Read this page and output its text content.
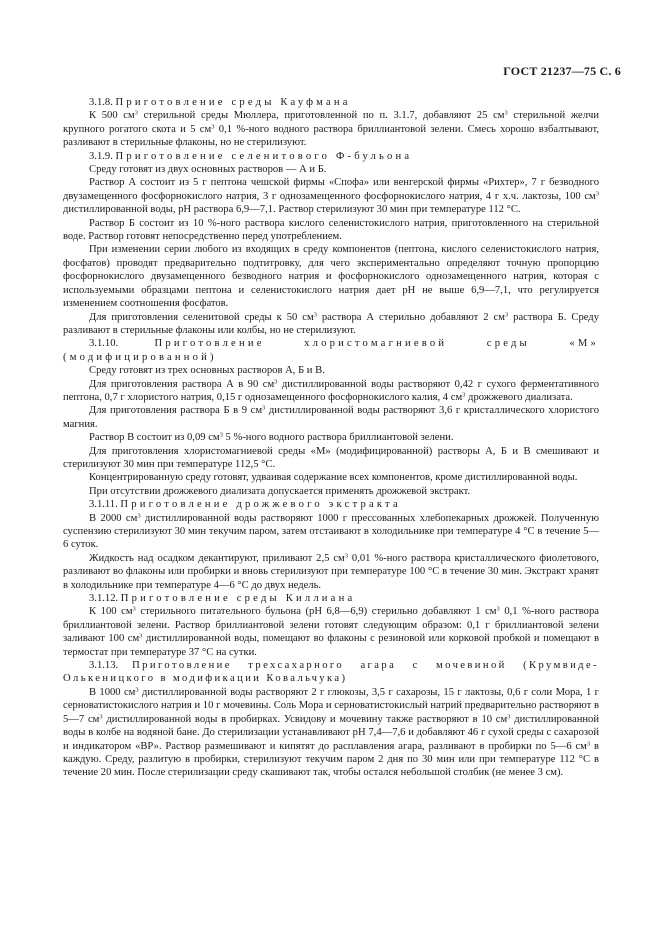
ГОСТ 21237—75 С. 6

3.1.8. Приготовление среды Кауфмана

К 500 $см^3$ стерильной среды Мюллера, приготовленной по п. 3.1.7, добавляют 25 $см^3$ стерильной желчи крупного рогатого скота и 5 $см^3$ 0,1 %-ного водного раствора бриллиантовой зелени. Смесь хорошо взбалтывают, разливают в стерильные флаконы, но не стерилизуют.

3.1.9. Приготовление селенитового Ф-бульона

Среду готовят из двух основных растворов — А и Б.

Раствор А состоит из 5 г пептона чешской фирмы «Спофа» или венгерской фирмы «Рихтер», 7 г безводного двузамещенного фосфорнокислого натрия, 3 г однозамещенного фосфорнокислого натрия, 4 г х.ч. лактозы, 100 $см^3$ дистиллированной воды, pH раствора 6,9—7,1. Раствор стерилизуют 30 мин при температуре 112 °С.

Раствор Б состоит из 10 %-ного раствора кислого селенистокислого натрия, приготовленного на стерильной воде. Раствор готовят непосредственно перед употреблением.

При изменении серии любого из входящих в среду компонентов (пептона, кислого селенистокислого натрия, фосфатов) проводят предварительно подтитровку, для чего экспериментально определяют точную пропорцию фосфорнокислого двузамещенного безводного натрия и фосфорнокислого однозамещенного натрия, которая с используемыми образцами пептона и селенистокислого натрия дает pH не выше 6,9—7,1, что регулируется изменением соотношения фосфатов.

Для приготовления селенитовой среды к 50 $см^3$ раствора А стерильно добавляют 2 $см^3$ раствора Б. Среду разливают в стерильные флаконы или колбы, но не стерилизуют.

3.1.10.	Приготовление хлористомагниевой среды «М» (модифицированной)

Среду готовят из трех основных растворов А, Б и В.

Для приготовления раствора А в 90 $см^3$ дистиллированной воды растворяют 0,42 г сухого ферментативного пептона, 0,7 г хлористого натрия, 0,15 г однозамещенного фосфорнокислого калия, 4 $см^3$ дрожжевого диализата.

Для приготовления раствора Б в 9 $см^3$ дистиллированной воды растворяют 3,6 г кристаллического хлористого магния.

Раствор В состоит из 0,09 $см^3$ 5 %-ного водного раствора бриллиантовой зелени.

Для приготовления хлористомагниевой среды «М» (модифицированной) растворы А, Б и В смешивают и стерилизуют 30 мин при температуре 112,5 °С.

Концентрированную среду готовят, удваивая содержание всех компонентов, кроме дистиллированной воды.

При отсутствии дрожжевого диализата допускается применять дрожжевой экстракт.

3.1.11. Приготовление дрожжевого экстракта

В 2000 $см^3$ дистиллированной воды растворяют 1000 г прессованных хлебопекарных дрожжей. Полученную суспензию стерилизуют 30 мин текучим паром, затем отстаивают в холодильнике при температуре 4 °С в течение 5—6 суток.

Жидкость над осадком декантируют, приливают 2,5 $см^3$ 0,01 %-ного раствора кристаллического фиолетового, разливают во флаконы или пробирки и вновь стерилизуют при температуре 100 °С в течение 30 мин. Экстракт хранят в холодильнике при температуре 4—6 °С до двух недель.

3.1.12. Приготовление среды Киллиана

К 100 $см^3$ стерильного питательного бульона (pH 6,8—6,9) стерильно добавляют 1 $см^3$ 0,1 %-ного раствора бриллиантовой зелени. Раствор бриллиантовой зелени готовят следующим образом: 0,1 г бриллиантовой зелени заливают 100 $см^3$ дистиллированной воды, помещают во флаконы с резиновой или корковой пробкой и помещают в термостат при температуре 37 °С на сутки.

3.1.13. Приготовление трехсахарного агара с мочевиной (Крумвиде-Олькеницкого в модификации Ковальчука)

В 1000 $см^3$ дистиллированной воды растворяют 2 г глюкозы, 3,5 г сахарозы, 15 г лактозы, 0,6 г соли Мора, 1 г серноватистокислого натрия и 10 г мочевины. Соль Мора и серноватистокислый натрий предварительно растворяют в 5—7 $см^3$ дистиллированной воды в пробирках. Усвидову и мочевину также растворяют в 10 $см^3$ дистиллированной воды в колбе на водяной бане. До стерилизации устанавливают pH 7,4—7,6 и добавляют 46 г сухой среды с сахарозой и индикатором «ВР». Раствор размешивают и кипятят до расплавления агара, разливают в пробирки по 5—6 $см^3$ в каждую. Среду, разлитую в пробирки, стерилизуют текучим паром 2 дня по 30 мин или при температуре 112 °С в течение 20 мин. После стерилизации среду скашивают так, чтобы остался небольшой столбик (не менее 3 см).
